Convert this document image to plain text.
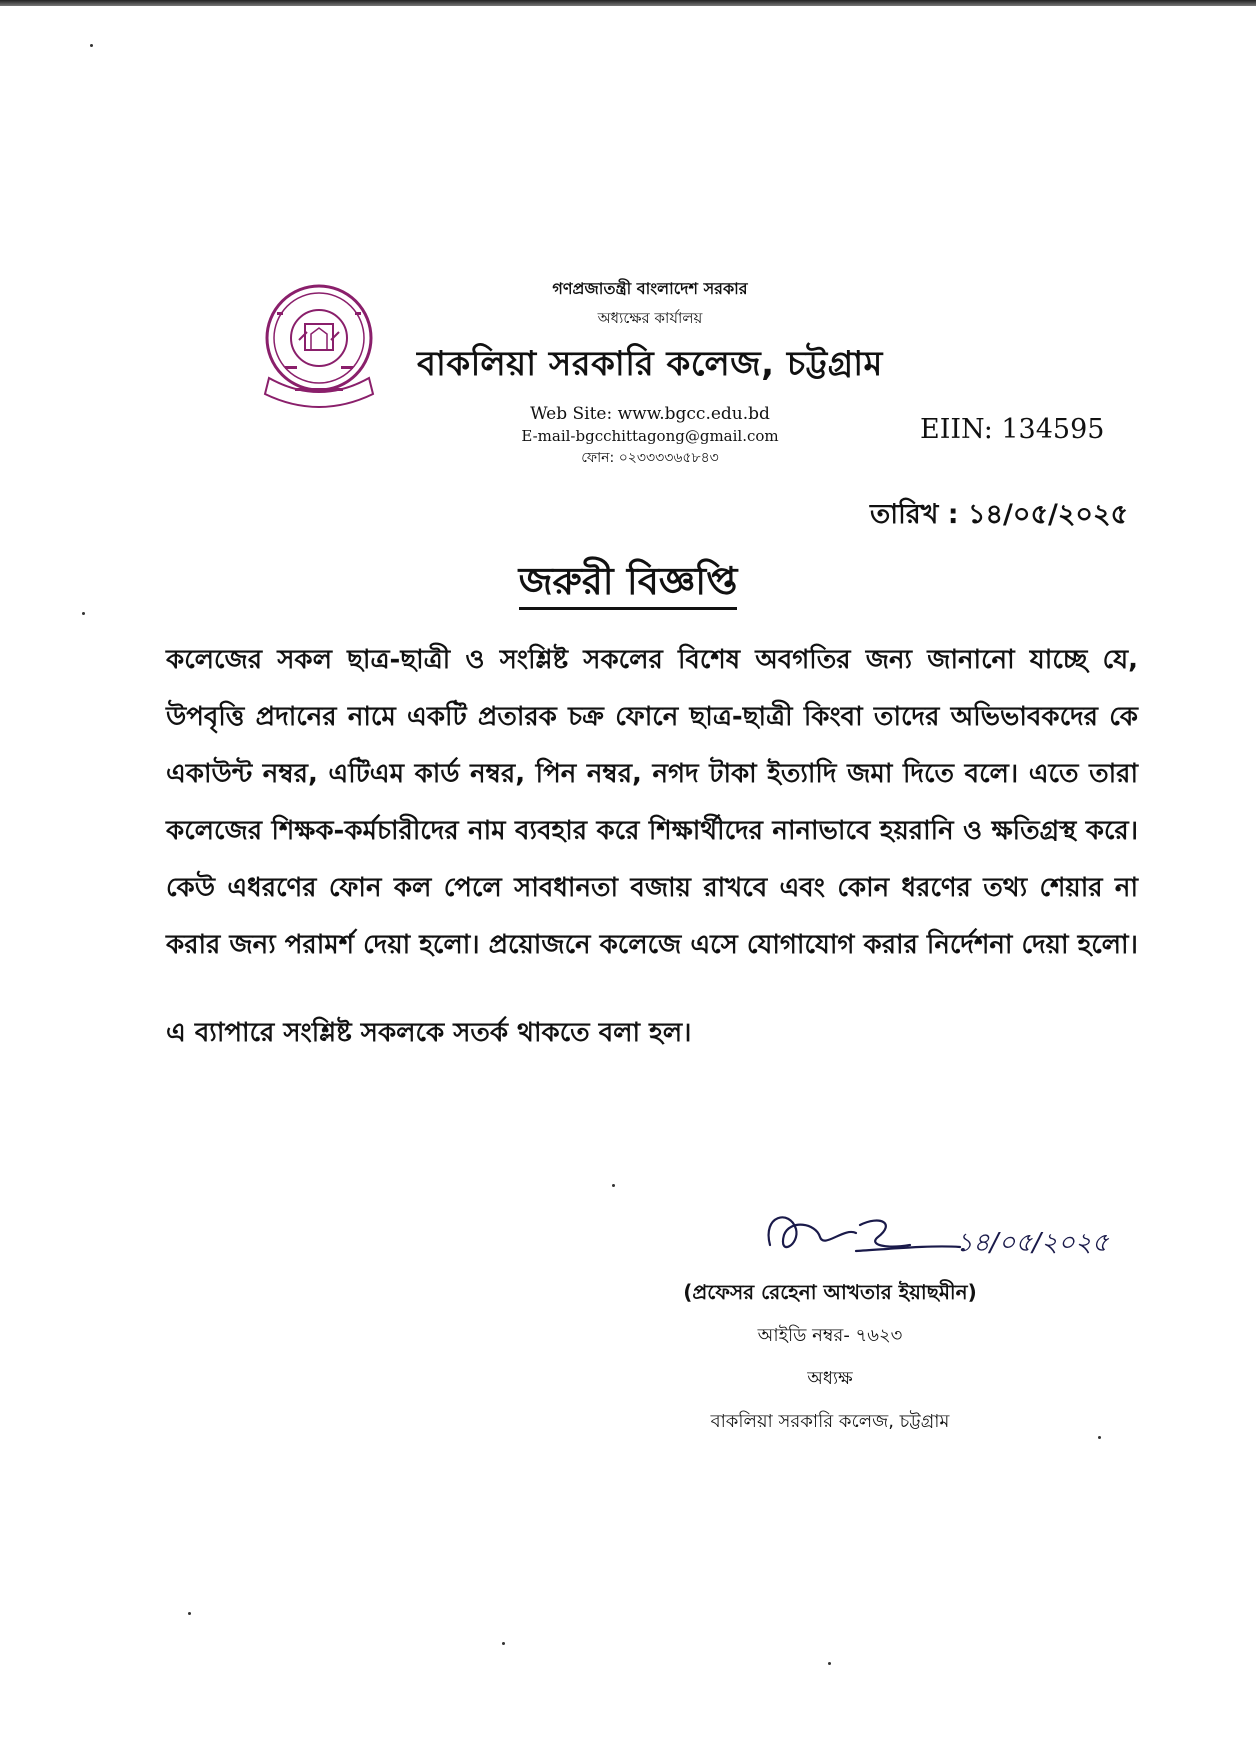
গণপ্রজাতন্ত্রী বাংলাদেশ সরকার

অধ্যক্ষের কার্যালয়

বাকলিয়া সরকারি কলেজ, চট্টগ্রাম

Web Site: www.bgcc.edu.bd

E-mail-bgcchittagong@gmail.com

ফোন: ০২৩৩৩৩৬৫৮৪৩

EIIN: 134595
তারিখ : ১৪/০৫/২০২৫
জরুরী বিজ্ঞপ্তি

কলেজের সকল ছাত্র-ছাত্রী ও সংশ্লিষ্ট সকলের বিশেষ অবগতির জন্য জানানো যাচ্ছে যে, উপবৃত্তি প্রদানের নামে একটি প্রতারক চক্র ফোনে ছাত্র-ছাত্রী কিংবা তাদের অভিভাবকদের কে একাউন্ট নম্বর, এটিএম কার্ড নম্বর, পিন নম্বর, নগদ টাকা ইত্যাদি জমা দিতে বলে। এতে তারা কলেজের শিক্ষক-কর্মচারীদের নাম ব্যবহার করে শিক্ষার্থীদের নানাভাবে হয়রানি ও ক্ষতিগ্রস্থ করে। কেউ এধরণের ফোন কল পেলে সাবধানতা বজায় রাখবে এবং কোন ধরণের তথ্য শেয়ার না করার জন্য পরামর্শ দেয়া হলো। প্রয়োজনে কলেজে এসে যোগাযোগ করার নির্দেশনা দেয়া হলো।

এ ব্যাপারে সংশ্লিষ্ট সকলকে সতর্ক থাকতে বলা হল।

১৪/০৫/২০২৫

(প্রফেসর রেহেনা আখতার ইয়াছমীন)

আইডি নম্বর- ৭৬২৩

অধ্যক্ষ

বাকলিয়া সরকারি কলেজ, চট্টগ্রাম
